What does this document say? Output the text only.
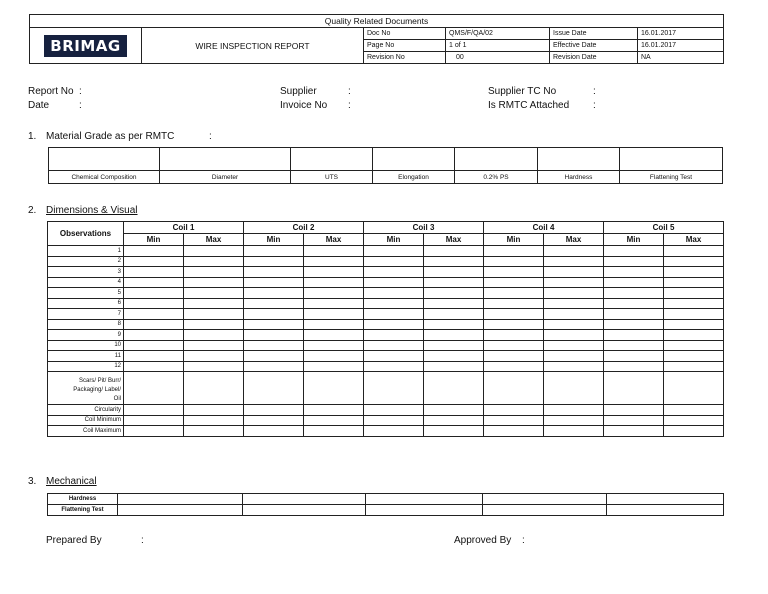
Quality Related Documents					
BRIMAG	WIRE INSPECTION REPORT	Doc No	QMS/F/QA/02	Issue Date	16.01.2017
		Page No	1 of 1	Effective Date	16.01.2017
		Revision No	00	Revision Date	NA
Report No :
Date	:
Supplier	:
Invoice No :
Supplier TC No	:
Is RMTC Attached :
1. Material Grade as per RMTC	:

Chemical Composition	Diameter	UTS	Elongation	0.2% PS	Hardness	Flattening Test
2. Dimensions & Visual
Observations	Coil 1		Coil 2		Coil 3		Coil 4		Coil 5	
	Min	Max	Min	Max	Min	Max	Min	Max	Min	Max
1										
2										
3										
4										
5										
6										
7										
8										
9										
10										
11										
12										

Scars/ Pit/ Burr/
Packaging/ Label/
Oil										

Circularity										
Coil Minimum										
Coil Maximum										
3. Mechanical
Hardness					
Flattening Test					
Prepared By	:	Approved By :
